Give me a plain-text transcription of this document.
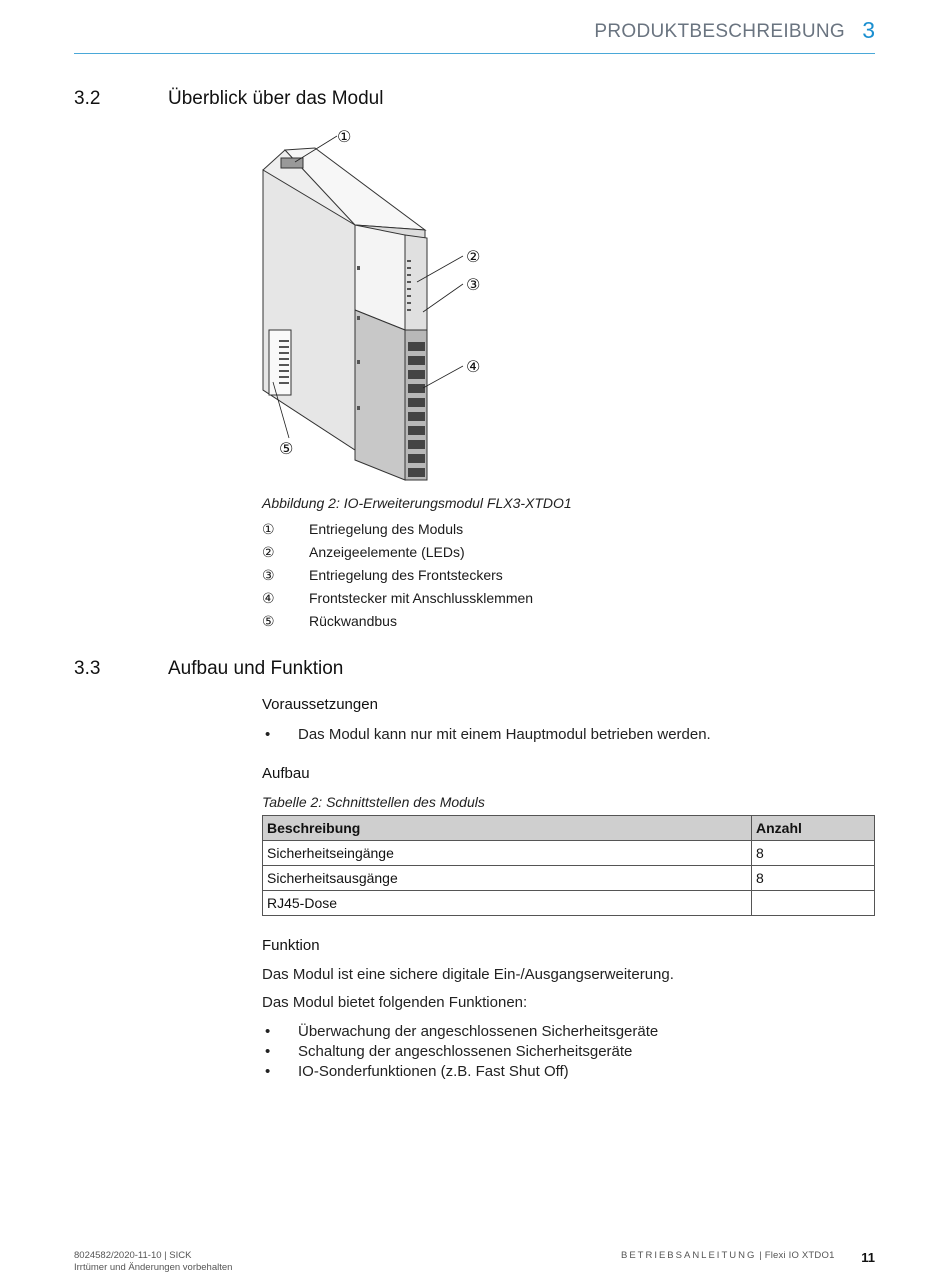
PRODUKTBESCHREIBUNG 3
3.2	Überblick über das Modul
①
②
③
④
⑤
Abbildung 2: IO-Erweiterungsmodul FLX3-XTDO1
① Entriegelung des Moduls
② Anzeigeelemente (LEDs)
③ Entriegelung des Frontsteckers
④ Frontstecker mit Anschlussklemmen
⑤ Rückwandbus
3.3	Aufbau und Funktion
Voraussetzungen
• Das Modul kann nur mit einem Hauptmodul betrieben werden.
Aufbau
Tabelle 2: Schnittstellen des Moduls
Beschreibung	Anzahl
Sicherheitseingänge	8
Sicherheitsausgänge	8
RJ45-Dose	
Funktion
Das Modul ist eine sichere digitale Ein-/Ausgangserweiterung.
Das Modul bietet folgenden Funktionen:
• Überwachung der angeschlossenen Sicherheitsgeräte
• Schaltung der angeschlossenen Sicherheitsgeräte
• IO-Sonderfunktionen (z.B. Fast Shut Off)
8024582/2020-11-10 | SICK
Irrtümer und Änderungen vorbehalten
BETRIEBSANLEITUNG | Flexi IO XTDO1 11
